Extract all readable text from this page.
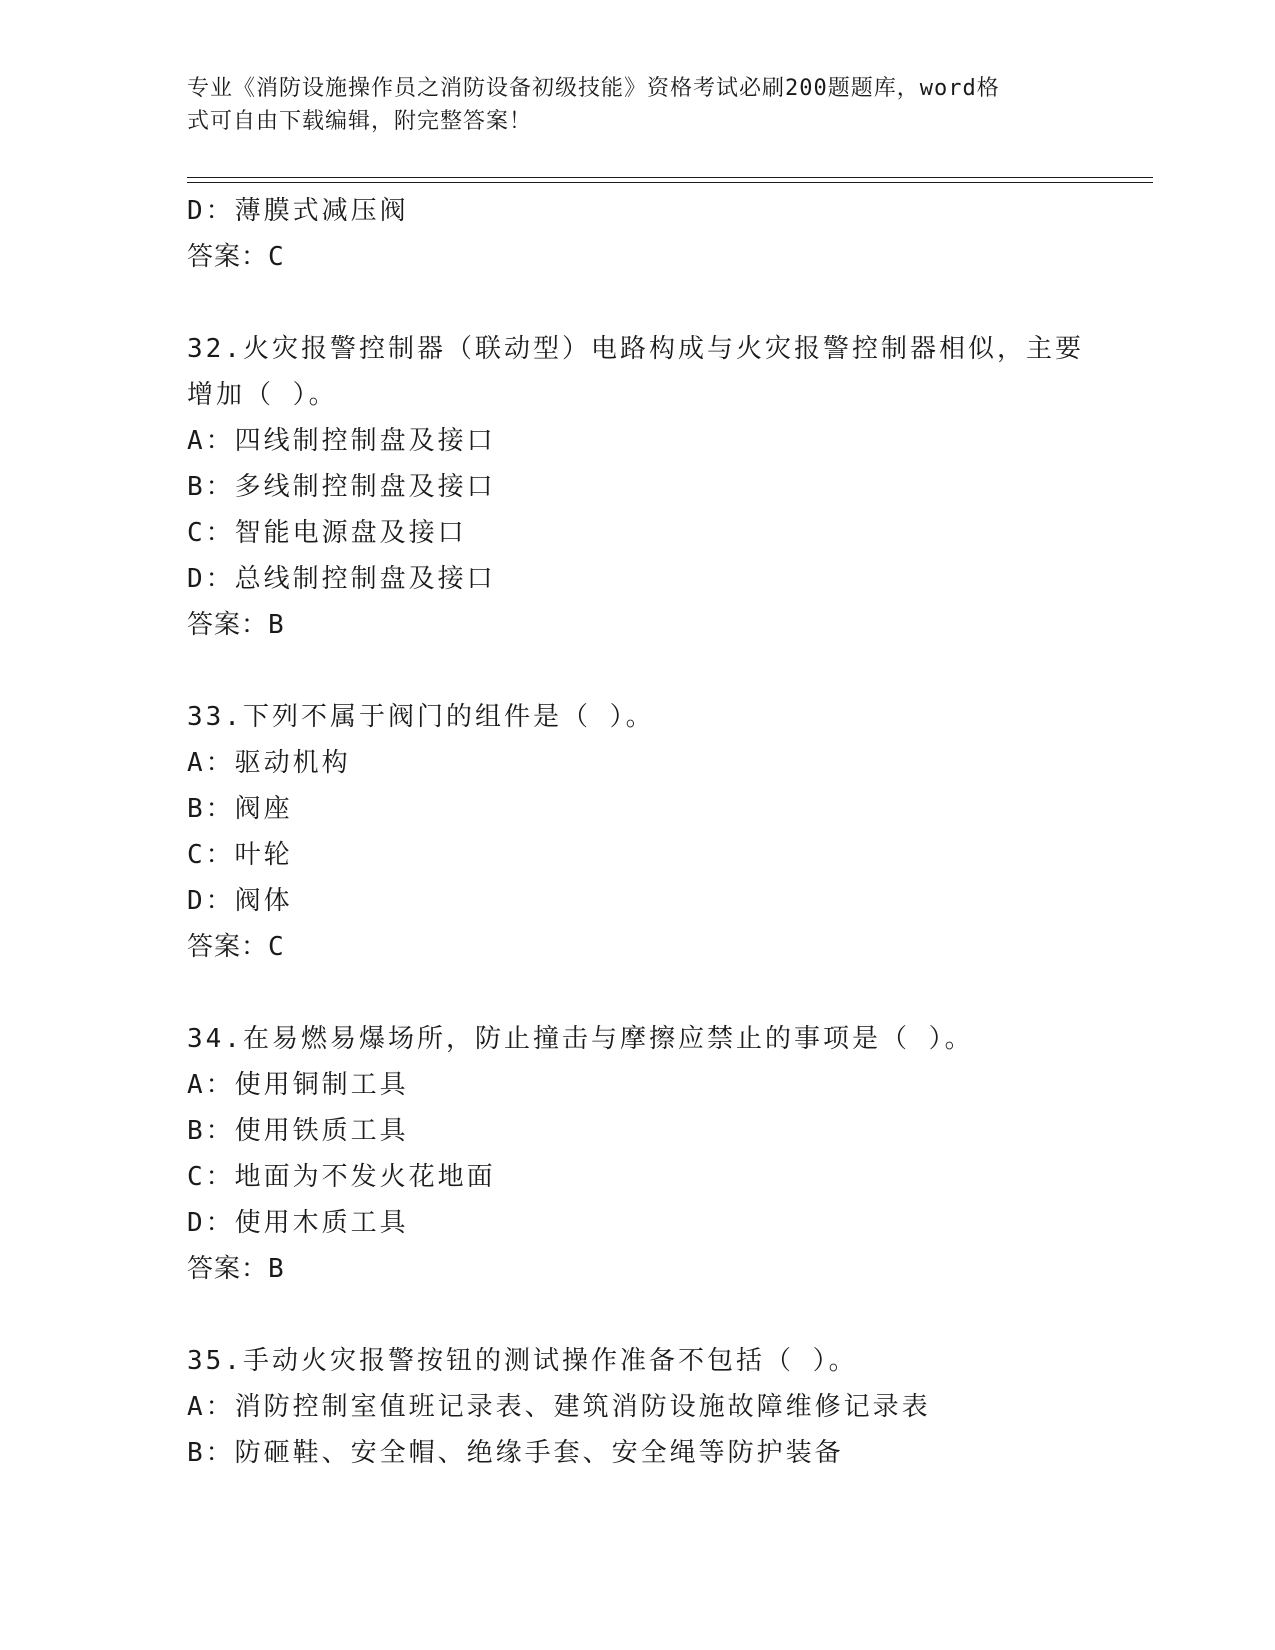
专业《消防设施操作员之消防设备初级技能》资格考试必刷200题题库，word格
式可自由下载编辑，附完整答案！
D：薄膜式减压阀
答案：C
32.火灾报警控制器（联动型）电路构成与火灾报警控制器相似，主要
增加（ ）。
A：四线制控制盘及接口
B：多线制控制盘及接口
C：智能电源盘及接口
D：总线制控制盘及接口
答案：B
33.下列不属于阀门的组件是（ ）。
A：驱动机构
B：阀座
C：叶轮
D：阀体
答案：C
34.在易燃易爆场所，防止撞击与摩擦应禁止的事项是（ ）。
A：使用铜制工具
B：使用铁质工具
C：地面为不发火花地面
D：使用木质工具
答案：B
35.手动火灾报警按钮的测试操作准备不包括（ ）。
A：消防控制室值班记录表、建筑消防设施故障维修记录表
B：防砸鞋、安全帽、绝缘手套、安全绳等防护装备
